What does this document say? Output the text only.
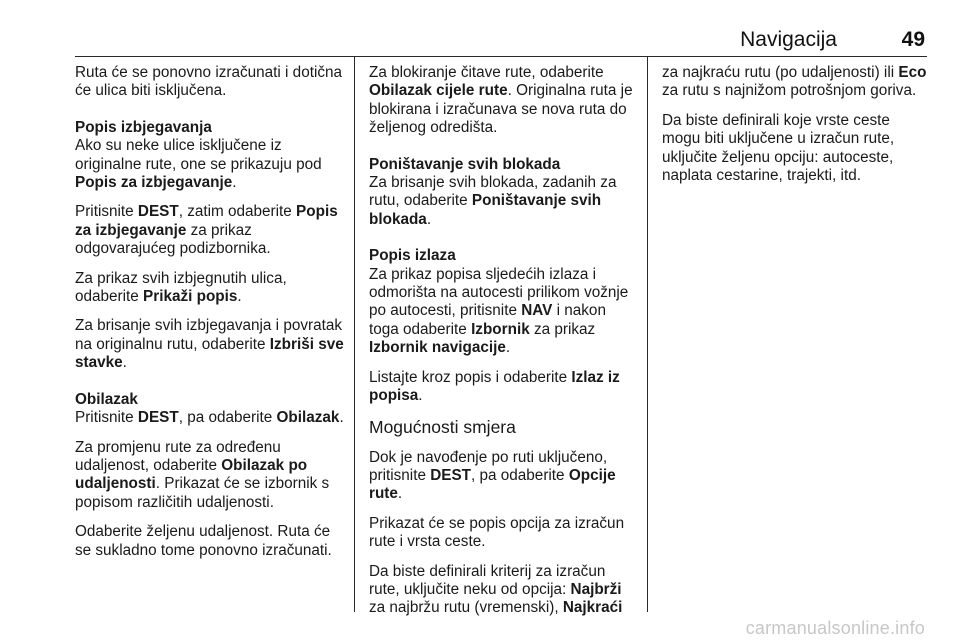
Navigacija	49

Ruta će se ponovno izračunati i dotična će ulica biti isključena.

Popis izbjegavanja

Ako su neke ulice isključene iz originalne rute, one se prikazuju pod Popis za izbjegavanje.

Pritisnite DEST, zatim odaberite Popis za izbjegavanje za prikaz odgovarajućeg podizbornika.

Za prikaz svih izbjegnutih ulica, odaberite Prikaži popis.

Za brisanje svih izbjegavanja i povratak na originalnu rutu, odaberite Izbriši sve stavke.

Obilazak

Pritisnite DEST, pa odaberite Obilazak.

Za promjenu rute za određenu udaljenost, odaberite Obilazak po udaljenosti. Prikazat će se izbornik s popisom različitih udaljenosti.

Odaberite željenu udaljenost. Ruta će se sukladno tome ponovno izračunati.

Za blokiranje čitave rute, odaberite Obilazak cijele rute. Originalna ruta je blokirana i izračunava se nova ruta do željenog odredišta.

Poništavanje svih blokada

Za brisanje svih blokada, zadanih za rutu, odaberite Poništavanje svih blokada.

Popis izlaza

Za prikaz popisa sljedećih izlaza i odmorišta na autocesti prilikom vožnje po autocesti, pritisnite NAV i nakon toga odaberite Izbornik za prikaz Izbornik navigacije.

Listajte kroz popis i odaberite Izlaz iz popisa.

Mogućnosti smjera

Dok je navođenje po ruti uključeno, pritisnite DEST, pa odaberite Opcije rute.

Prikazat će se popis opcija za izračun rute i vrsta ceste.

Da biste definirali kriterij za izračun rute, uključite neku od opcija: Najbrži za najbržu rutu (vremenski), Najkraći

za najkraću rutu (po udaljenosti) ili Eco za rutu s najnižom potrošnjom goriva.

Da biste definirali koje vrste ceste mogu biti uključene u izračun rute, uključite željenu opciju: autoceste, naplata cestarine, trajekti, itd.

carmanualsonline.info
